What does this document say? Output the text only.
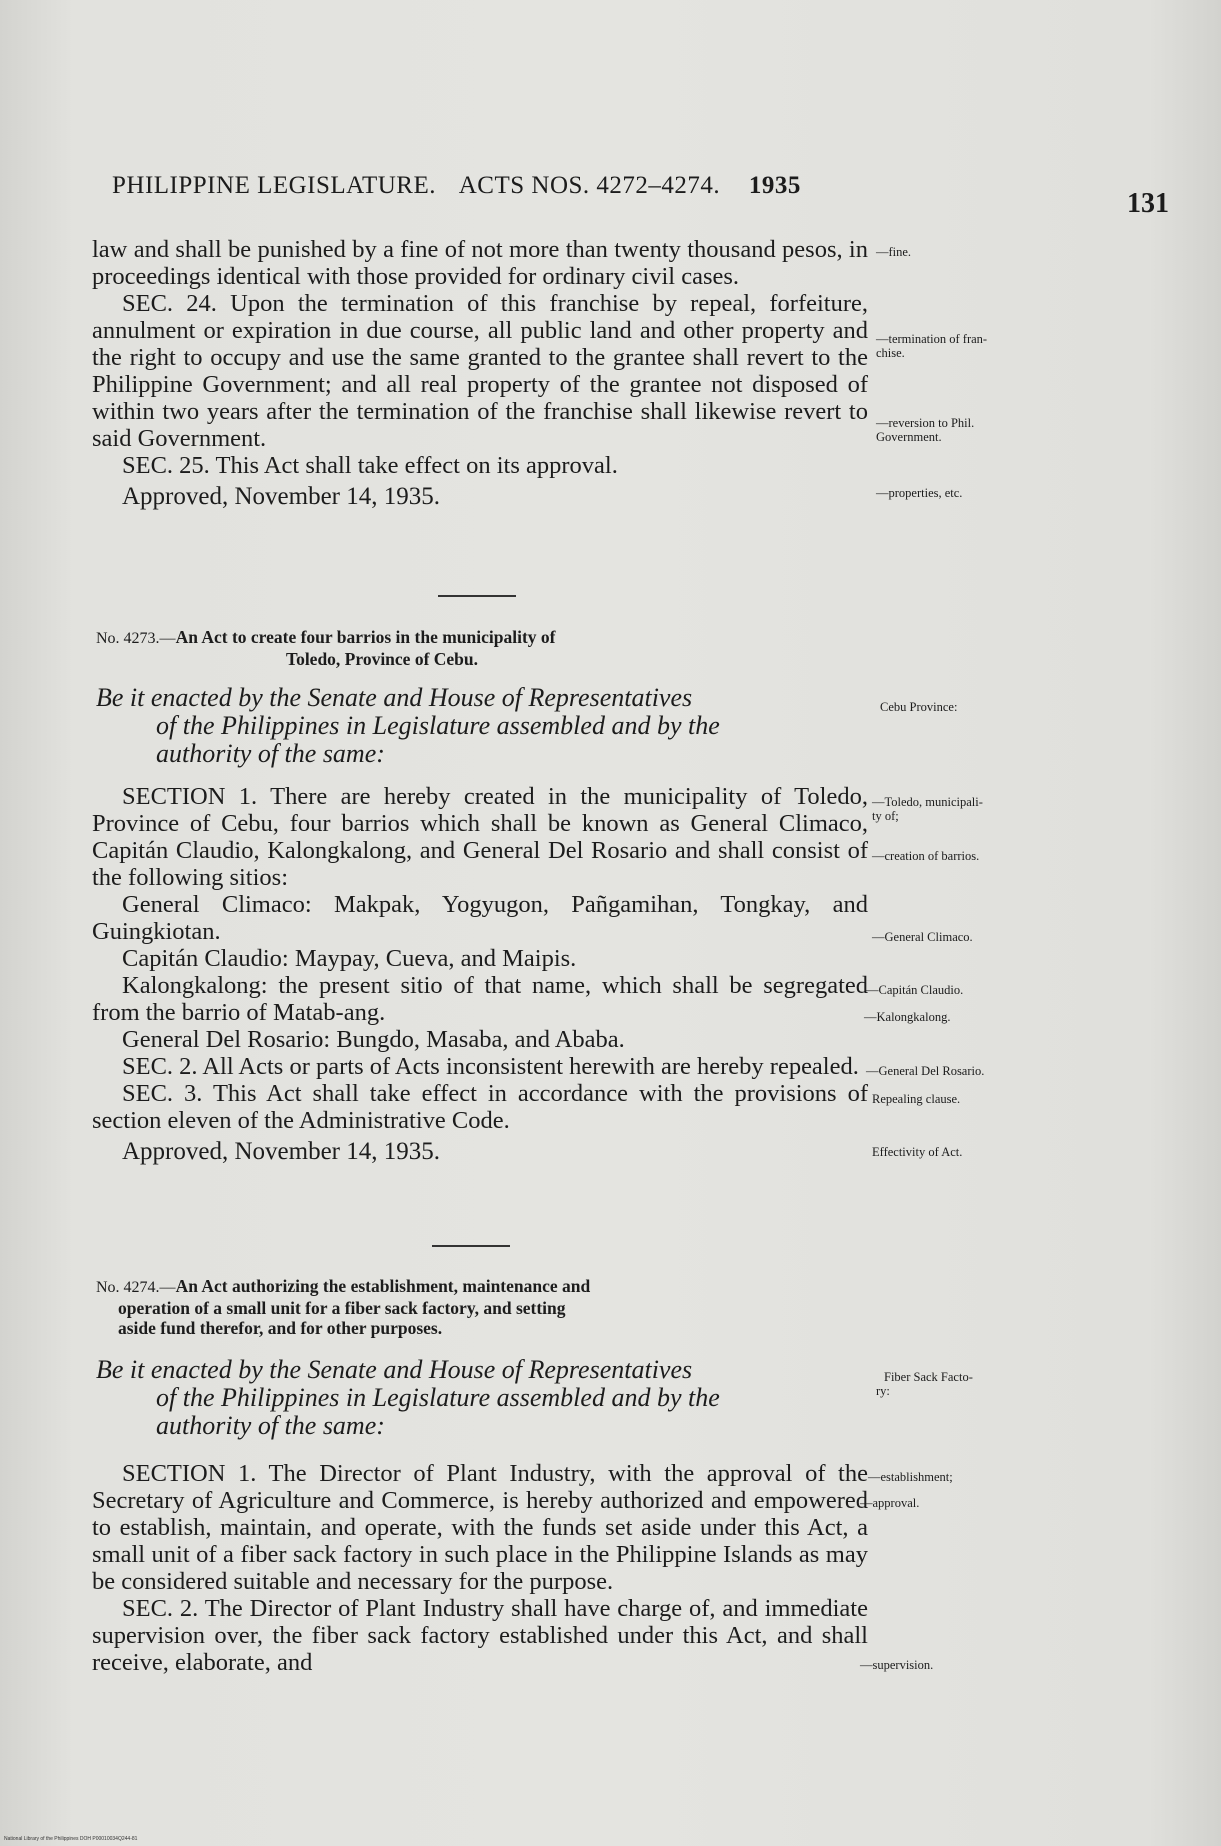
PHILIPPINE LEGISLATURE. ACTS NOS. 4272–4274. 1935
131

law and shall be punished by a fine of not more than twenty thousand pesos, in proceedings identical with those provided for ordinary civil cases.

SEC. 24. Upon the termination of this franchise by repeal, forfeiture, annulment or expiration in due course, all public land and other property and the right to occupy and use the same granted to the grantee shall revert to the Philippine Government; and all real property of the grantee not disposed of within two years after the termination of the franchise shall likewise revert to said Government.

SEC. 25. This Act shall take effect on its approval.

Approved, November 14, 1935.

No. 4273.—An Act to create four barrios in the municipality of

Toledo, Province of Cebu.

Be it enacted by the Senate and House of Representatives

of the Philippines in Legislature assembled and by the

authority of the same:

SECTION 1. There are hereby created in the municipality of Toledo, Province of Cebu, four barrios which shall be known as General Climaco, Capitán Claudio, Kalongkalong, and General Del Rosario and shall consist of the following sitios:

General Climaco: Makpak, Yogyugon, Pañgamihan, Tongkay, and Guingkiotan.

Capitán Claudio: Maypay, Cueva, and Maipis.

Kalongkalong: the present sitio of that name, which shall be segregated from the barrio of Matab-ang.

General Del Rosario: Bungdo, Masaba, and Ababa.

SEC. 2. All Acts or parts of Acts inconsistent herewith are hereby repealed.

SEC. 3. This Act shall take effect in accordance with the provisions of section eleven of the Administrative Code.

Approved, November 14, 1935.

No. 4274.—An Act authorizing the establishment, maintenance and

operation of a small unit for a fiber sack factory, and setting

aside fund therefor, and for other purposes.

Be it enacted by the Senate and House of Representatives

of the Philippines in Legislature assembled and by the

authority of the same:

SECTION 1. The Director of Plant Industry, with the approval of the Secretary of Agriculture and Commerce, is hereby authorized and empowered to establish, maintain, and operate, with the funds set aside under this Act, a small unit of a fiber sack factory in such place in the Philippine Islands as may be considered suitable and necessary for the purpose.

SEC. 2. The Director of Plant Industry shall have charge of, and immediate supervision over, the fiber sack factory established under this Act, and shall receive, elaborate, and

—fine.
—termination of fran-
chise.
—reversion to Phil.
Government.
—properties, etc.
Cebu Province:
—Toledo, municipali-
ty of;
—creation of barrios.
—General Climaco.
—Capitán Claudio.
—Kalongkalong.
—General Del Rosario.
Repealing clause.
Effectivity of Act.
Fiber Sack Facto-
ry:
—establishment;
—approval.
—supervision.
National Library of the Philippines DOH P00010034Q244-81
